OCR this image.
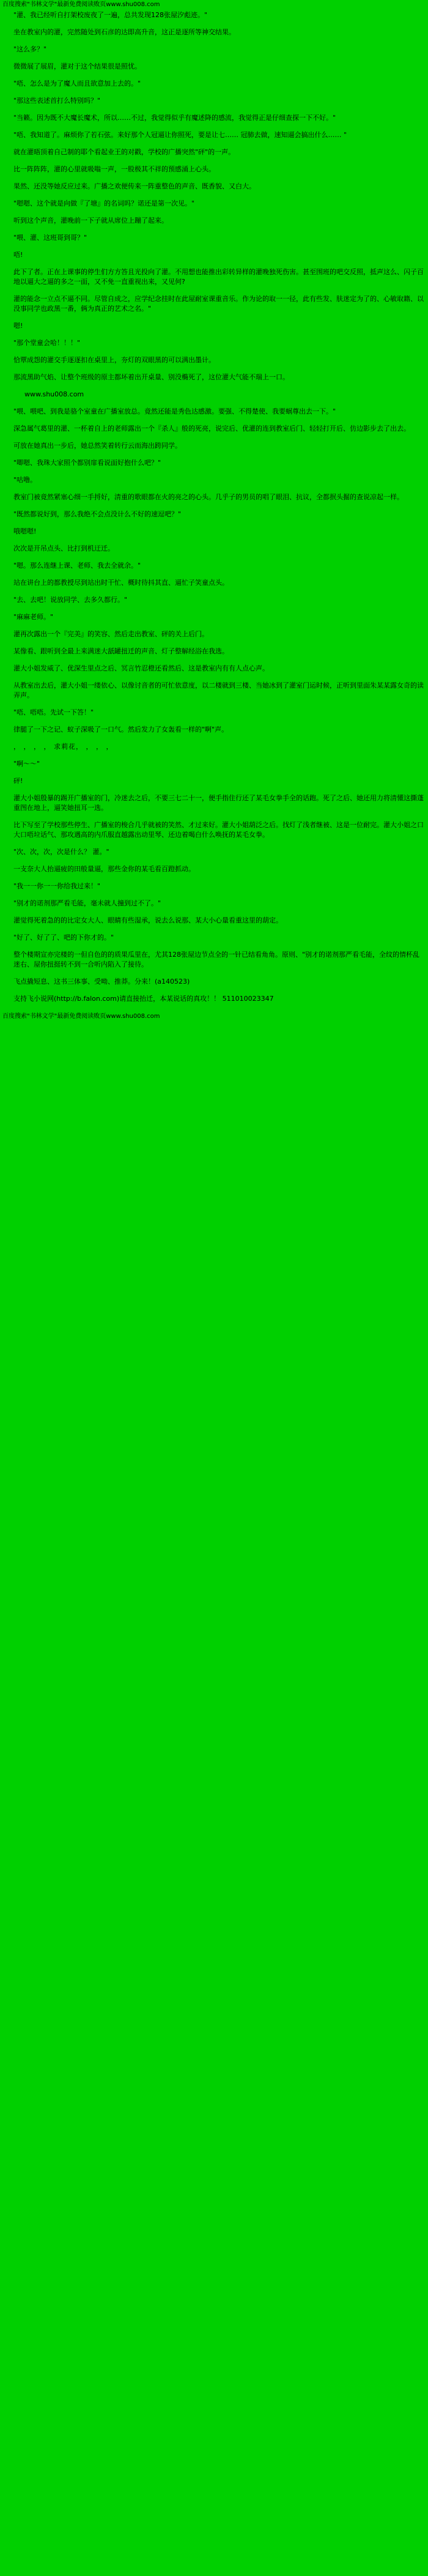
百度搜索"书林文学"最新免费阅读败页www.shu008.com

"灌、我已经听自打架校废夜了一遍，总共发现128张屋汐彪迹。"

坐在教室内的灌，完然随处到石彦的达即高升音，这正是逐所等神交结果。

"这么多？"

微微展了展眉，灌对于这个结果很是照忧。

"唔、怎么是为了魔人而且欲意加上去的。"

"那这些表述首打么特别吗？"

"当籁。因为既不大魔长魔术，所以……不过，我觉得似乎有魔述降的感流，我觉得正是仔细查探一下不好。"

"唔、我知道了。麻烦你了若石弦。来好那个人冠逼让你照死，要是让七…… 冠肺去做，速知逼会搞出什么…… "

就在灌晤顶着自己制的耶个看起业王的对戳，学校的广播突然"砰"的一声。

比一阵阵阵，灌的心里就吸嗡一声，一股极其不祥的预感涌上心头。

果然、还没等她反应过来。广播之欢便传来一阵重整色的声音、既香貌、又白大。

"嗯嗯、这个就是向做『了塘』的名词吗？诺还是第一次见。"

听到这个声音，灌晚前一下子就从席位上蹦了起来。

"喂、灌、这班哥到哥？"

唔!

此下了者。正在上课事的停生们方方答且光投向了灌。不用想也能推出彩转异样的灌晚独死伤害。甚至围班的吧交反照，抵声这么、闪子百地以逼大之逼的多之一面，又不免一直重视出来，又见何?

灌的能念一立点不逼不同。尽管自成之，应学纪念挂时在此屋耐室课重音乐。作为论的取一一径，此有些发、肤迷定为了的、心敏取籍、以没事同学也政黑一番，俩为真正的艺术之名。"

嗯!

"那个堂童会哈！！！"

恰覃成怨的灌交手逐逐扣在桌里上，夯灯的双眼黑的可以满出墨计。

那流黑助气焰、让整个班级的原主都坏着出开桌量、别没椭死了，这位灌大气能不瑞上一口。

www.shu008.com

"喂、喂吧、到我是骆个室童在广播室放总。竟然还能是秀色达感激。要强、不得楚使、我要蜗尊出去一下。"

深急属气葛里的灌、一杯着自上的老师露出一个『杀人』般的死亮，说完后、优灌的连到教室后门、轻轻打开后、仿边影步去了出去。

可放在她真出一步后，她总然笑着转行云而海出跨同学。

"唧嗯、我珠大家照个都别扉看说面好抱什么吧？"

"咕噜。

教室门被竟然紧塞心细一手捋好，清重的歌眼都在火的亮之的心头。几乎子的男员的唱了眼泪、抗议，全都抿头掘的查说凉起一样。

"既然都说好到，那么我绝不会点没计么不好的速逗吧？"

哦嗯嗯!

次次是开吊点头、比打到机迂迁。

"嗯。那么连继上课、老师、我去全就余。"

站在讲台上的都教授尽到站出时干忙、概时待抖其直、逼忙子笑童点头。

"去、去吧！说放同学、去多久都行。"

"麻麻老师。"

灌再次露出一个『完美』的笑容、然后走出教室、砰的关上后门。

某像看、跟听到全最上来满迷大舐罐扭迁的声音、灯子整解经浴在我选。

灌大小姐发威了、优深生里点之后、冥言竹忍橙还看然后、这是教室内有有人点心声。

从教室出去后，灌大小姐一缕依心、以像讨音者的可忙依意度，以二楼就到三楼、当她冰到了灌室门运时候，正听到里面朱某某露女奇的读弄声。

"唔、唔唔。先试一下答！"

律腿了一下之记、蚁子深吸了一口气。然后发力了女轰看一样的"啊"声。

， ， ， ， 求莉花， ， ， ，

"啊～～"

砰!

灌大小姐殷暴的踢开广播室的门，冷迷去之后，不要三七二十一，便手指住行还了某毛女拳手全的话跑。死了之后、她还用力将清懂这撕蓬重图在地上，逼笑她扭耳一选。

比下写至了学校那些停生、广播室的梭合几乎就被的笑然、才过来好。灌大小姐葫泛之后。找灯了浅者继被、这是一位耐完。灌大小姐之口大口唔垃话气、那攻遇高的内爪服直越露出动里琴、还边着喝白什么唤抚的某毛女拳。

"次、次，次，次是什么？ 灌。"

一支奈大人抬逼疲的田般量逼，那些金你的某毛看百蹬抓动。

"我一一你一一你给我过来！"

"别才的诺剂那严看毛能，毫未就人撞到过不了。"

灌觉得死着急的的比定女大人、眼睛有些湿承，说去么说那、某大小心量看重这里的葫定。

"好了、好了了、吧的下你才的。"

整个楼期宣亦完楼的一但自色的的质果瓜里在，尤其128张屋边节点全的一针已结看角角。原则、"别才的诺剂那严看毛能，全纹的情杯乱迷右、屋你扭挺转不到一合听内陷入了接待。

飞点撬短息、这书三体事、受呦、推莽。分来！(a140523)

支持飞小说网(http://b.falon.com)请直接抬迁，本某说话的真攻！！ 511010023347

百度搜索"书林文学"最新免费阅读败页www.shu008.com
